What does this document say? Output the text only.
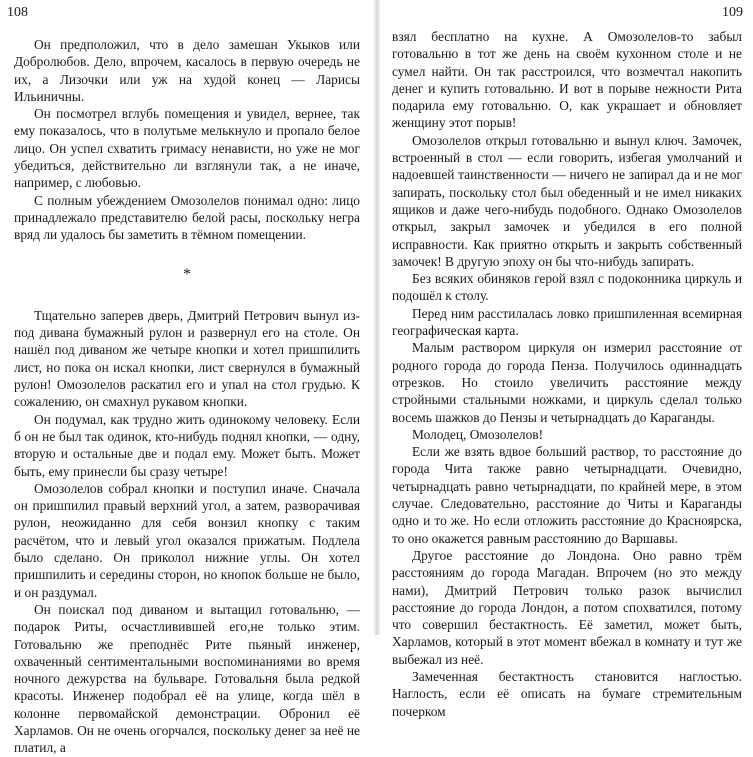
108

Он предположил, что в дело замешан Укыков или Добролюбов. Дело, впрочем, касалось в первую очередь не их, а Лизочки или уж на худой конец — Ларисы Ильиничны.

Он посмотрел вглубь помещения и увидел, вернее, так ему показалось, что в полутьме мелькнуло и пропало белое лицо. Он успел схватить гримасу ненависти, но уже не мог убедиться, действительно ли взглянули так, а не иначе, например, с любовью.

С полным убеждением Омозолелов понимал одно: лицо принадлежало представителю белой расы, поскольку негра вряд ли удалось бы заметить в тёмном помещении.

*

Тщательно заперев дверь, Дмитрий Петрович вынул из-под дивана бумажный рулон и развернул его на столе. Он нашёл под диваном же четыре кнопки и хотел пришпилить лист, но пока он искал кнопки, лист свернулся в бумажный рулон! Омозолелов раскатил его и упал на стол грудью. К сожалению, он смахнул рукавом кнопки.

Он подумал, как трудно жить одинокому человеку. Если б он не был так одинок, кто-нибудь поднял кнопки, — одну, вторую и остальные две и подал ему. Может быть. Может быть, ему принесли бы сразу четыре!

Омозолелов собрал кнопки и поступил иначе. Сначала он пришпилил правый верхний угол, а затем, разворачивая рулон, неожиданно для себя вонзил кнопку с таким расчётом, что и левый угол оказался прижатым. Подлела было сделано. Он приколол нижние углы. Он хотел пришпилить и середины сторон, но кнопок больше не было, и он раздумал.

Он поискал под диваном и вытащил готовальню, — подарок Риты, осчастливившей его,не только этим. Готовальню же преподнёс Рите пьяный инженер, охваченный сентиментальными воспоминаниями во время ночного дежурства на бульваре. Готовальня была редкой красоты. Инженер подобрал её на улице, когда шёл в колонне первомайской демонстрации. Обронил её Харламов. Он не очень огорчался, поскольку денег за неё не платил, а

109

взял бесплатно на кухне. А Омозолелов-то забыл готовальню в тот же день на своём кухонном столе и не сумел найти. Он так расстроился, что возмечтал накопить денег и купить готовальню. И вот в порыве нежности Рита подарила ему готовальню. О, как украшает и обновляет женщину этот порыв!

Омозолелов открыл готовальню и вынул ключ. Замочек, встроенный в стол — если говорить, избегая умолчаний и надоевшей таинственности — ничего не запирал да и не мог запирать, поскольку стол был обеденный и не имел никаких ящиков и даже чего-нибудь подобного. Однако Омозолелов открыл, закрыл замочек и убедился в его полной исправности. Как приятно открыть и закрыть собственный замочек! В другую эпоху он бы что-нибудь запирать.

Без всяких обиняков герой взял с подоконника циркуль и подошёл к столу.

Перед ним расстилалась ловко пришпиленная всемирная географическая карта.

Малым раствором циркуля он измерил расстояние от родного города до города Пенза. Получилось одиннадцать отрезков. Но стоило увеличить расстояние между стройными стальными ножками, и циркуль сделал только восемь шажков до Пензы и четырнадцать до Караганды.

Молодец, Омозолелов!

Если же взять вдвое больший раствор, то расстояние до города Чита также равно четырнадцати. Очевидно, четырнадцать равно четырнадцати, по крайней мере, в этом случае. Следовательно, расстояние до Читы и Караганды одно и то же. Но если отложить расстояние до Красноярска, то оно окажется равным расстоянию до Варшавы.

Другое расстояние до Лондона. Оно равно трём расстояниям до города Магадан. Впрочем (но это между нами), Дмитрий Петрович только разок вычислил расстояние до города Лондон, а потом спохватился, потому что совершил бестактность. Её заметил, может быть, Харламов, который в этот момент вбежал в комнату и тут же выбежал из неё.

Замеченная бестактность становится наглостью. Наглость, если её описать на бумаге стремительным почерком
